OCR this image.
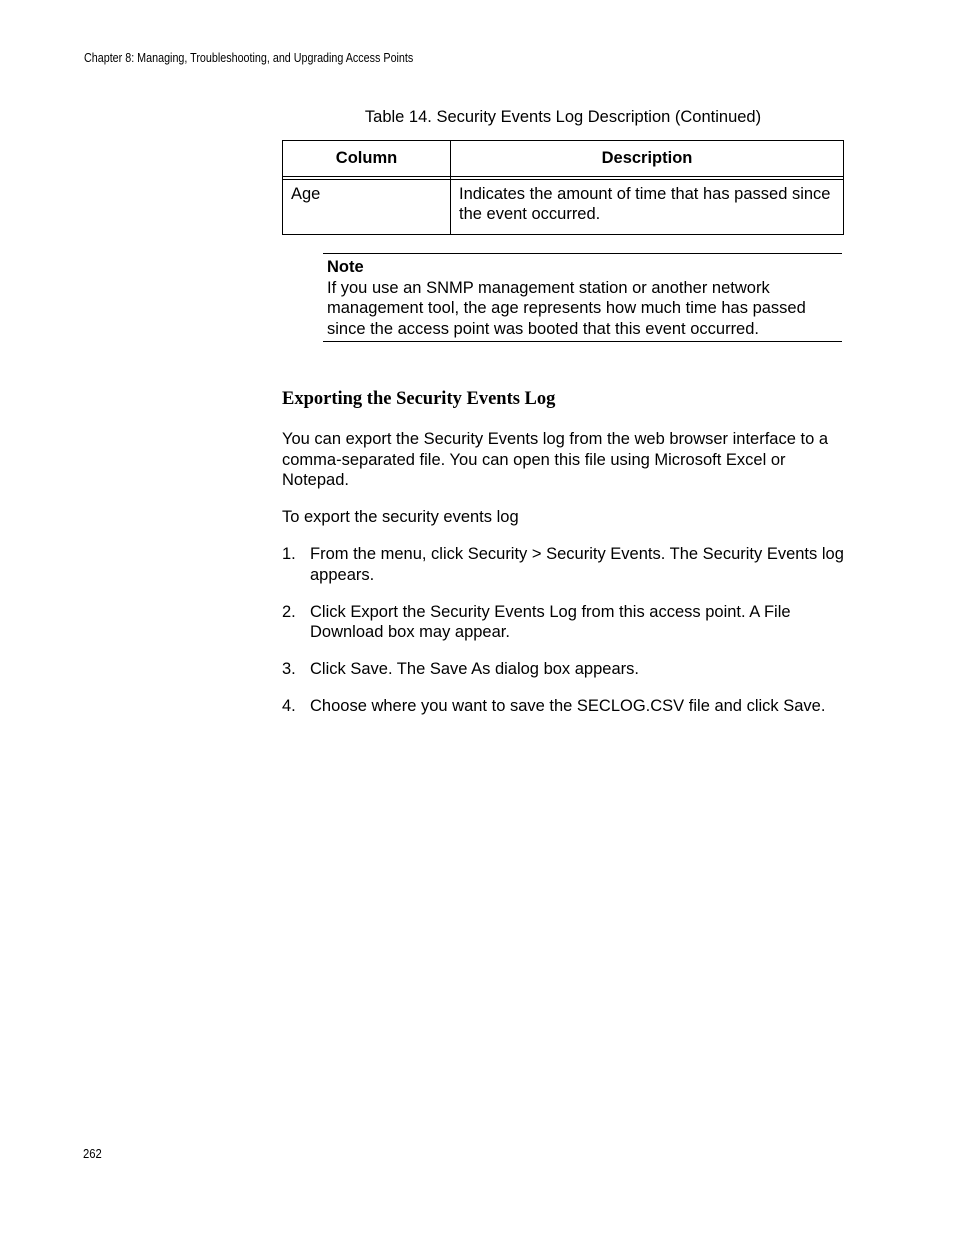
Chapter 8: Managing, Troubleshooting, and Upgrading Access Points
Table 14. Security Events Log Description (Continued)
Column	Description

Age	Indicates the amount of time that has passed since the event occurred.
Note
If you use an SNMP management station or another network management tool, the age represents how much time has passed since the access point was booted that this event occurred.
Exporting the Security Events Log
You can export the Security Events log from the web browser interface to a comma-separated file. You can open this file using Microsoft Excel or Notepad.
To export the security events log
1. From the menu, click Security > Security Events. The Security Events log appears.
2. Click Export the Security Events Log from this access point. A File Download box may appear.
3. Click Save. The Save As dialog box appears.
4. Choose where you want to save the SECLOG.CSV file and click Save.
262
